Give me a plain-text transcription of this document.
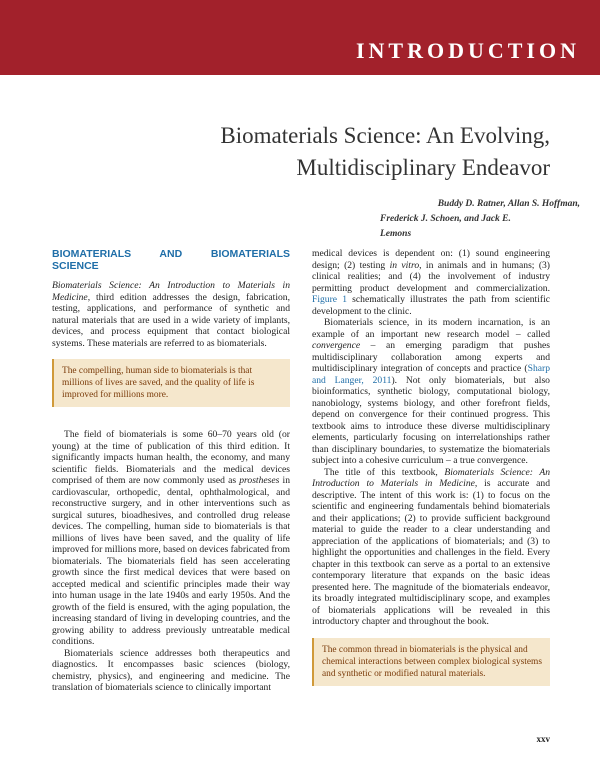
INTRODUCTION
Biomaterials Science: An Evolving,
Multidisciplinary Endeavor
Buddy D. Ratner, Allan S. Hoffman,
Frederick J. Schoen, and Jack E.
Lemons
BIOMATERIALS AND BIOMATERIALS
SCIENCE

Biomaterials Science: An Introduction to Materials in Medicine, third edition addresses the design, fabrication, testing, applications, and performance of synthetic and natural materials that are used in a wide variety of implants, devices, and process equipment that contact biological systems. These materials are referred to as biomaterials.

The compelling, human side to biomaterials is that millions of lives are saved, and the quality of life is improved for millions more.

The field of biomaterials is some 60–70 years old (or young) at the time of publication of this third edition. It significantly impacts human health, the economy, and many scientific fields. Biomaterials and the medical devices comprised of them are now commonly used as prostheses in cardiovascular, orthopedic, dental, ophthalmological, and reconstructive surgery, and in other interventions such as surgical sutures, bioadhesives, and controlled drug release devices. The compelling, human side to biomaterials is that millions of lives have been saved, and the quality of life improved for millions more, based on devices fabricated from biomaterials. The biomaterials field has seen accelerating growth since the first medical devices that were based on accepted medical and scientific principles made their way into human usage in the late 1940s and early 1950s. And the growth of the field is ensured, with the aging population, the increasing standard of living in developing countries, and the growing ability to address previously untreatable medical conditions.

Biomaterials science addresses both therapeutics and diagnostics. It encompasses basic sciences (biology, chemistry, physics), and engineering and medicine. The translation of biomaterials science to clinically important

medical devices is dependent on: (1) sound engineering design; (2) testing in vitro, in animals and in humans; (3) clinical realities; and (4) the involvement of industry permitting product development and commercialization. Figure 1 schematically illustrates the path from scientific development to the clinic.

Biomaterials science, in its modern incarnation, is an example of an important new research model – called convergence – an emerging paradigm that pushes multidisciplinary collaboration among experts and multidisciplinary integration of concepts and practice (Sharp and Langer, 2011). Not only biomaterials, but also bioinformatics, synthetic biology, computational biology, nanobiology, systems biology, and other forefront fields, depend on convergence for their continued progress. This textbook aims to introduce these diverse multidisciplinary elements, particularly focusing on interrelationships rather than disciplinary boundaries, to systematize the biomaterials subject into a cohesive curriculum – a true convergence.

The title of this textbook, Biomaterials Science: An Introduction to Materials in Medicine, is accurate and descriptive. The intent of this work is: (1) to focus on the scientific and engineering fundamentals behind biomaterials and their applications; (2) to provide sufficient background material to guide the reader to a clear understanding and appreciation of the applications of biomaterials; and (3) to highlight the opportunities and challenges in the field. Every chapter in this textbook can serve as a portal to an extensive contemporary literature that expands on the basic ideas presented here. The magnitude of the biomaterials endeavor, its broadly integrated multidisciplinary scope, and examples of biomaterials applications will be revealed in this introductory chapter and throughout the book.

The common thread in biomaterials is the physical and chemical interactions between complex biological systems and synthetic or modified natural materials.
xxv
